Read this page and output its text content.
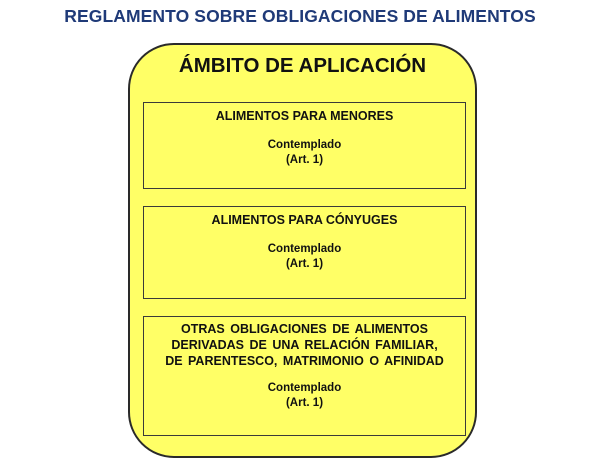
REGLAMENTO SOBRE OBLIGACIONES DE ALIMENTOS
ÁMBITO DE APLICACIÓN
ALIMENTOS PARA MENORES
Contemplado
(Art. 1)
ALIMENTOS PARA CÓNYUGES
Contemplado
(Art. 1)
OTRAS OBLIGACIONES DE ALIMENTOS
DERIVADAS DE UNA RELACIÓN FAMILIAR,
DE PARENTESCO, MATRIMONIO O AFINIDAD
Contemplado
(Art. 1)
